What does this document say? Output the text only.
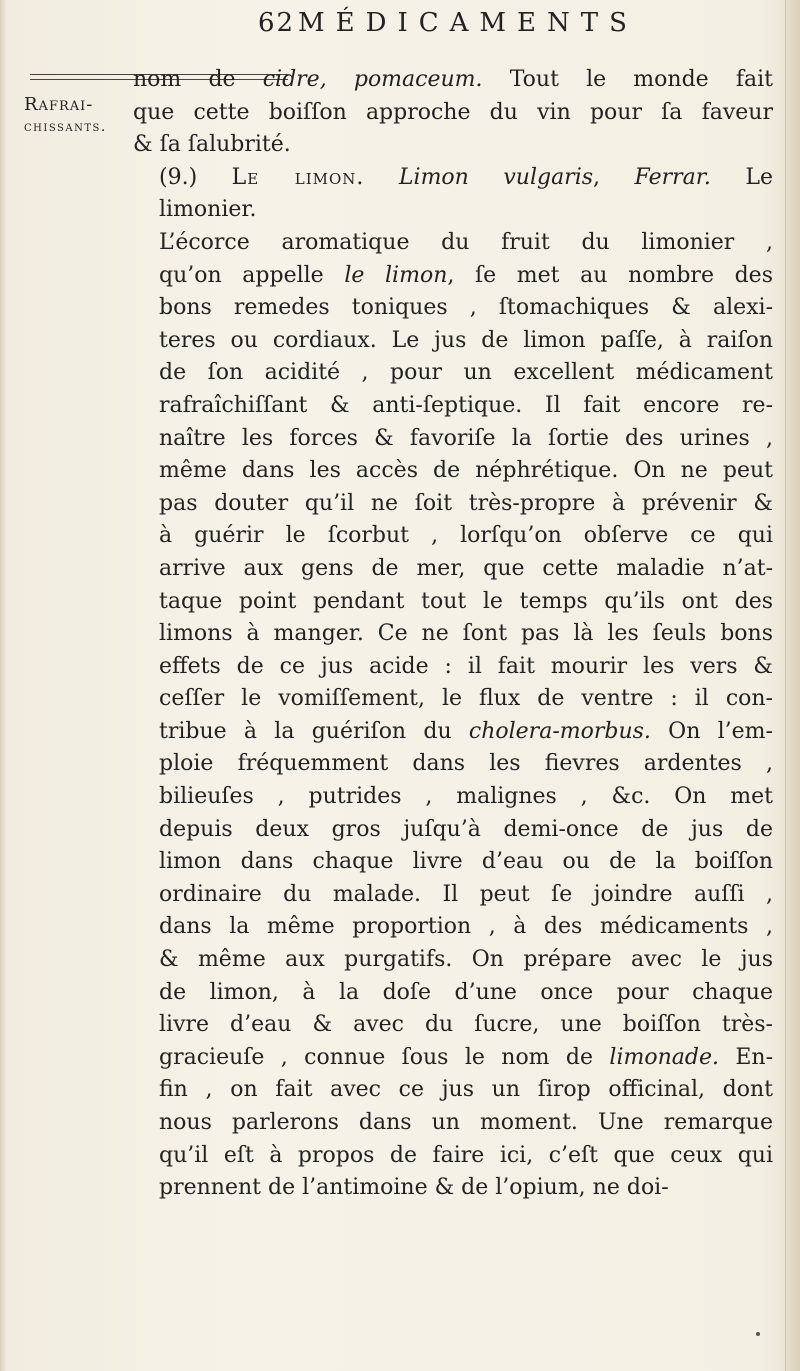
62 MÉDICAMENTS
Rafrai-
chissants.

nom de cidre, pomaceum. Tout le monde fait
que cette boiſſon approche du vin pour ſa faveur
& ſa ſalubrité.

(9.) Le limon. Limon vulgaris, Ferrar. Le
limonier.

L’écorce aromatique du fruit du limonier ,
qu’on appelle le limon, ſe met au nombre des
bons remedes toniques , ſtomachiques & alexi-
teres ou cordiaux. Le jus de limon paſſe, à raiſon
de ſon acidité , pour un excellent médicament
rafraîchiſſant & anti-ſeptique. Il fait encore re-
naître les forces & favoriſe la ſortie des urines ,
même dans les accès de néphrétique. On ne peut
pas douter qu’il ne ſoit très-propre à prévenir &
à guérir le ſcorbut , lorſqu’on obſerve ce qui
arrive aux gens de mer, que cette maladie n’at-
taque point pendant tout le temps qu’ils ont des
limons à manger. Ce ne ſont pas là les ſeuls bons
effets de ce jus acide : il fait mourir les vers &
ceſſer le vomiſſement, le flux de ventre : il con-
tribue à la guériſon du cholera-morbus. On l’em-
ploie fréquemment dans les fievres ardentes ,
bilieuſes , putrides , malignes , &c. On met
depuis deux gros juſqu’à demi-once de jus de
limon dans chaque livre d’eau ou de la boiſſon
ordinaire du malade. Il peut ſe joindre auſſi ,
dans la même proportion , à des médicaments ,
& même aux purgatifs. On prépare avec le jus
de limon, à la doſe d’une once pour chaque
livre d’eau & avec du ſucre, une boiſſon très-
gracieuſe , connue ſous le nom de limonade. En-
fin , on fait avec ce jus un ſirop officinal, dont
nous parlerons dans un moment. Une remarque
qu’il eſt à propos de faire ici, c’eſt que ceux qui
prennent de l’antimoine & de l’opium, ne doi-
